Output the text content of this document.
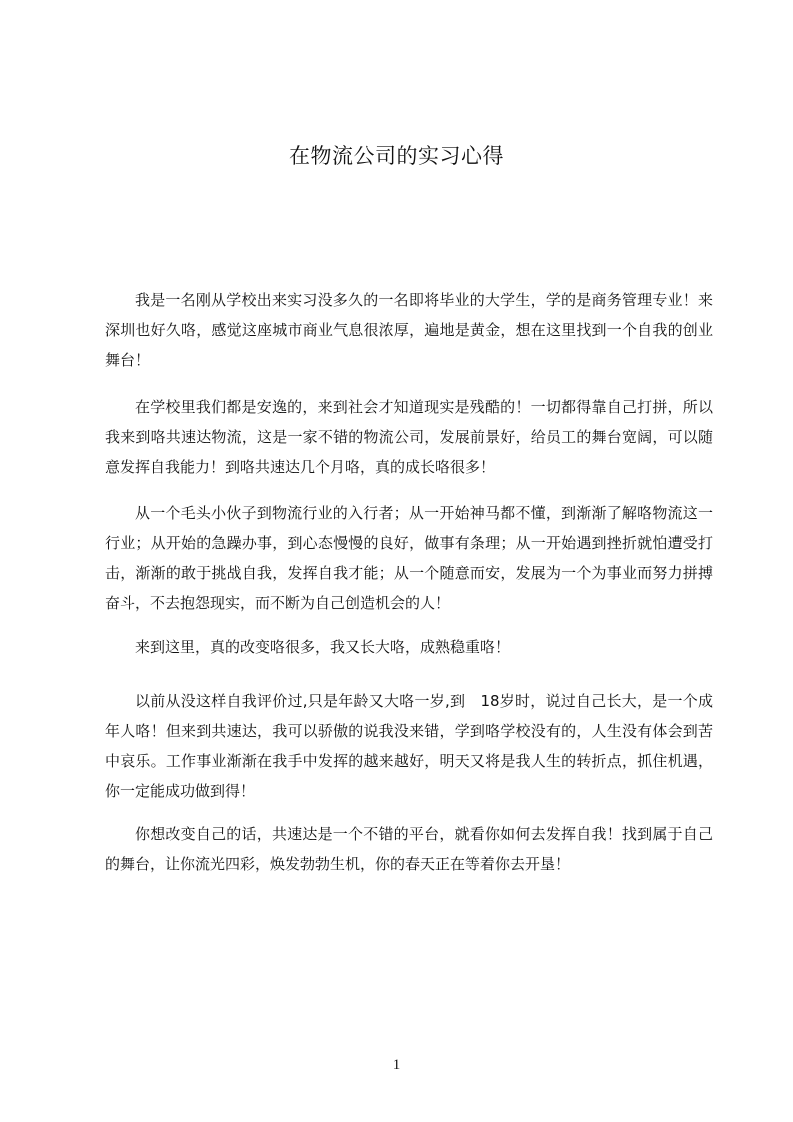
在物流公司的实习心得

我是一名刚从学校出来实习没多久的一名即将毕业的大学生，学的是商务管理专业！来深圳也好久咯，感觉这座城市商业气息很浓厚，遍地是黄金，想在这里找到一个自我的创业舞台！

在学校里我们都是安逸的，来到社会才知道现实是残酷的！一切都得靠自己打拼，所以我来到咯共速达物流，这是一家不错的物流公司，发展前景好，给员工的舞台宽阔，可以随意发挥自我能力！到咯共速达几个月咯，真的成长咯很多！

从一个毛头小伙子到物流行业的入行者；从一开始神马都不懂，到渐渐了解咯物流这一行业；从开始的急躁办事，到心态慢慢的良好，做事有条理；从一开始遇到挫折就怕遭受打击，渐渐的敢于挑战自我，发挥自我才能；从一个随意而安，发展为一个为事业而努力拼搏奋斗，不去抱怨现实，而不断为自己创造机会的人！

来到这里，真的改变咯很多，我又长大咯，成熟稳重咯！

以前从没这样自我评价过,只是年龄又大咯一岁,到　18岁时，说过自己长大，是一个成年人咯！但来到共速达，我可以骄傲的说我没来错，学到咯学校没有的，人生没有体会到苦中哀乐。工作事业渐渐在我手中发挥的越来越好，明天又将是我人生的转折点，抓住机遇，你一定能成功做到得！

你想改变自己的话，共速达是一个不错的平台，就看你如何去发挥自我！找到属于自己的舞台，让你流光四彩，焕发勃勃生机，你的春天正在等着你去开垦！

1
